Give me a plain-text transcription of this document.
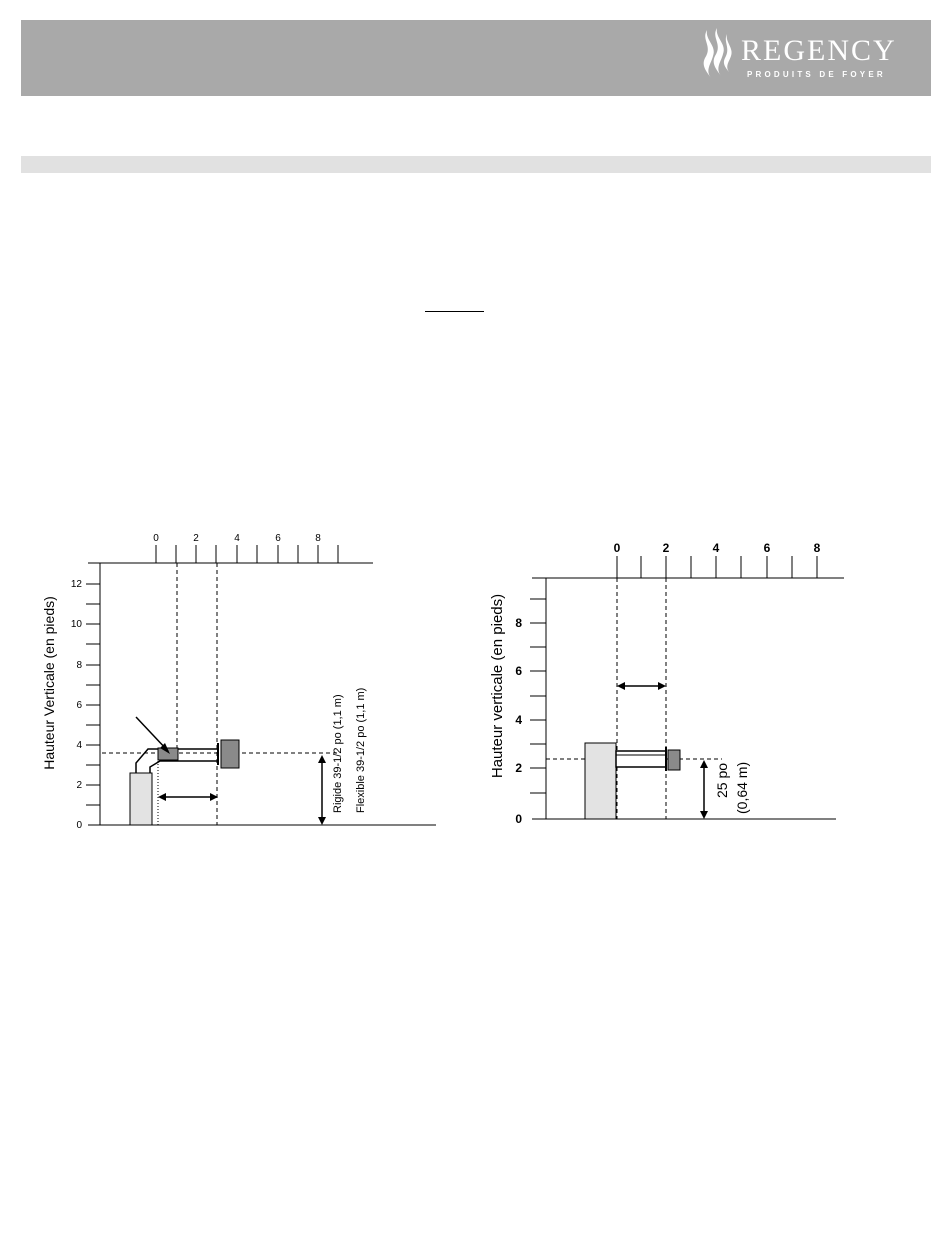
REGENCY
PRODUITS DE FOYER
0	2	4	6	8
12
10
8
6
4
2
0
Hauteur Verticale (en pieds)	Rigide 39-1/2 po (1,1 m) Flexible 39-1/2 po (1,1 m)
0	2	4	6	8
8
6
4
2
0
Hauteur verticale (en pieds)
25 po (0,64 m)
